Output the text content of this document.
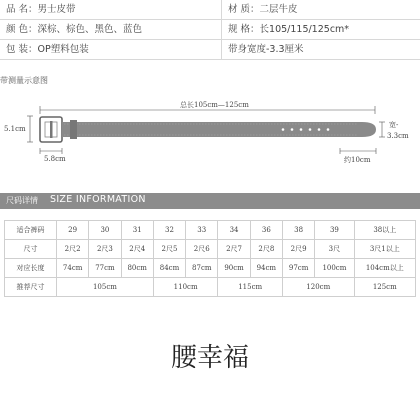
品 名：男士皮带	材 质：二层牛皮
颜 色：深棕、棕色、黑色、蓝色	规 格：长105/115/125cm*
包 装：OP塑料包装	带身宽度-3.3厘米
带测量示意图
总长105cm—125cm
5.1cm
5.8cm	约10cm
宽-
3.3cm
尺码详情 SIZE INFORMATION
适合裤码	29	30	31	32	33	34	36	38	39	38以上
尺寸	2尺2	2尺3	2尺4	2尺5	2尺6	2尺7	2尺8	2尺9	3尺	3尺1以上
对应长度	74cm	77cm	80cm	84cm	87cm	90cm	94cm	97cm	100cm	104cm以上
推荐尺寸	105cm			110cm		115cm		120cm		125cm
腰幸福
